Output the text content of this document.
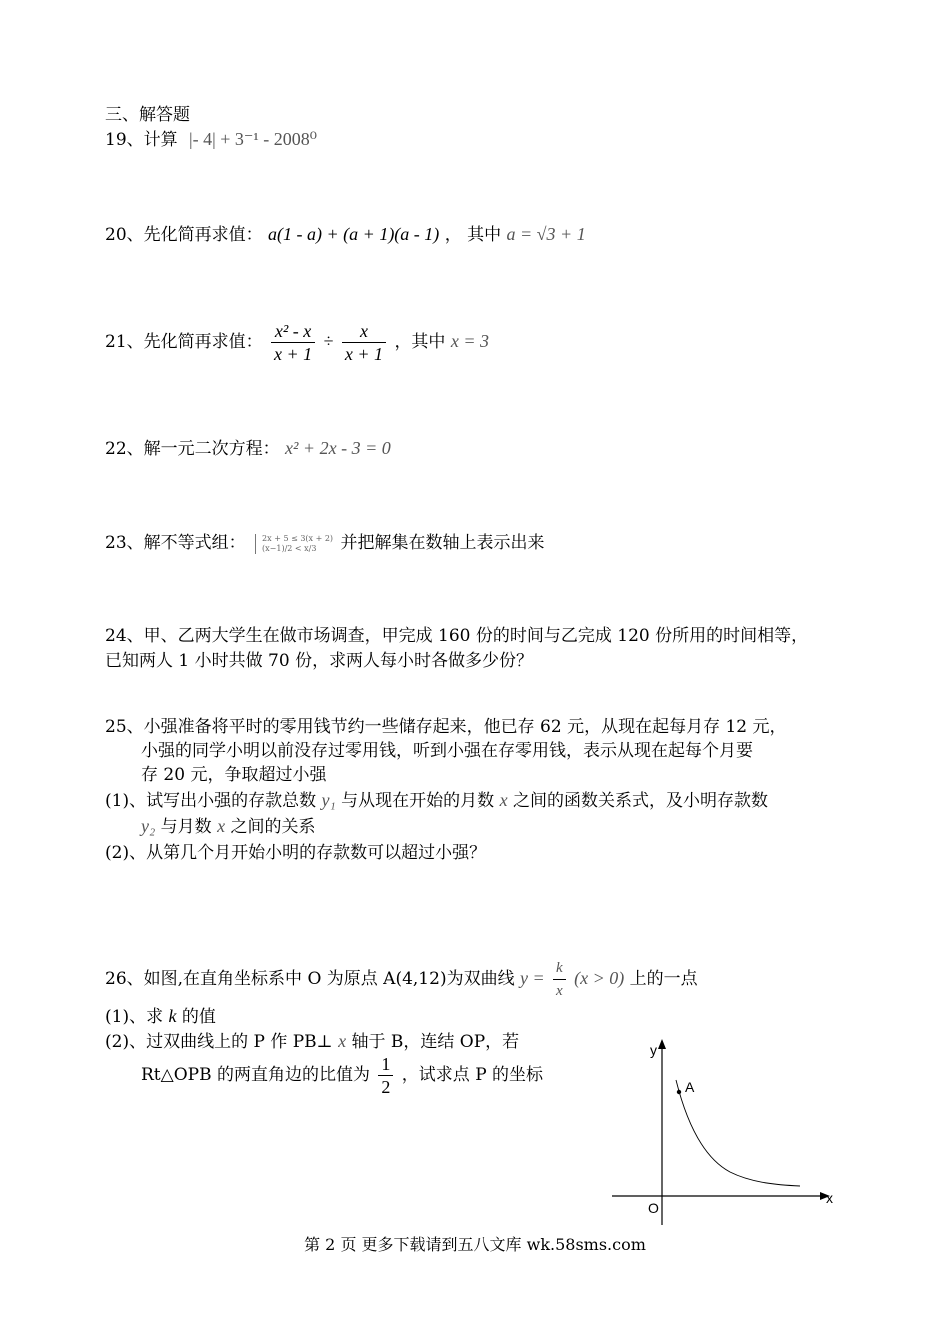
三、解答题
19、计算 |- 4| + 3⁻¹ - 2008⁰
20、先化简再求值： a(1 - a) + (a + 1)(a - 1) ， 其中 a = √3 + 1
21、先化简再求值： $\frac{\text{x² - x}}{x + 1} \div \frac{x}{x + 1}$ ，其中 x = 3
22、解一元二次方程： x² + 2x - 3 = 0
23、解不等式组： 2x + 5 ≤ 3(x + 2)
(x−1)/2 < x/3	并把解集在数轴上表示出来
24、甲、乙两大学生在做市场调查，甲完成 160 份的时间与乙完成 120 份所用的时间相等，
已知两人 1 小时共做 70 份，求两人每小时各做多少份？
25、小强准备将平时的零用钱节约一些储存起来，他已存 62 元，从现在起每月存 12 元，
小强的同学小明以前没存过零用钱，听到小强在存零用钱，表示从现在起每个月要
存 20 元，争取超过小强
(1)、试写出小强的存款总数 y₁ 与从现在开始的月数 x 之间的函数关系式，及小明存款数
y₂ 与月数 x 之间的关系
(2)、从第几个月开始小明的存款数可以超过小强？
26、如图,在直角坐标系中 O 为原点 A(4,12)为双曲线 $y = \frac{k}{x} (x > 0)$ 上的一点
(1)、求 k 的值
(2)、过双曲线上的 P 作 PB⊥ x 轴于 B，连结 OP，若
Rt△OPB 的两直角边的比值为 $\frac{1}{2}$ ，试求点 P 的坐标
y
x
O
A
第 2 页 更多下载请到五八文库 wk.58sms.com
